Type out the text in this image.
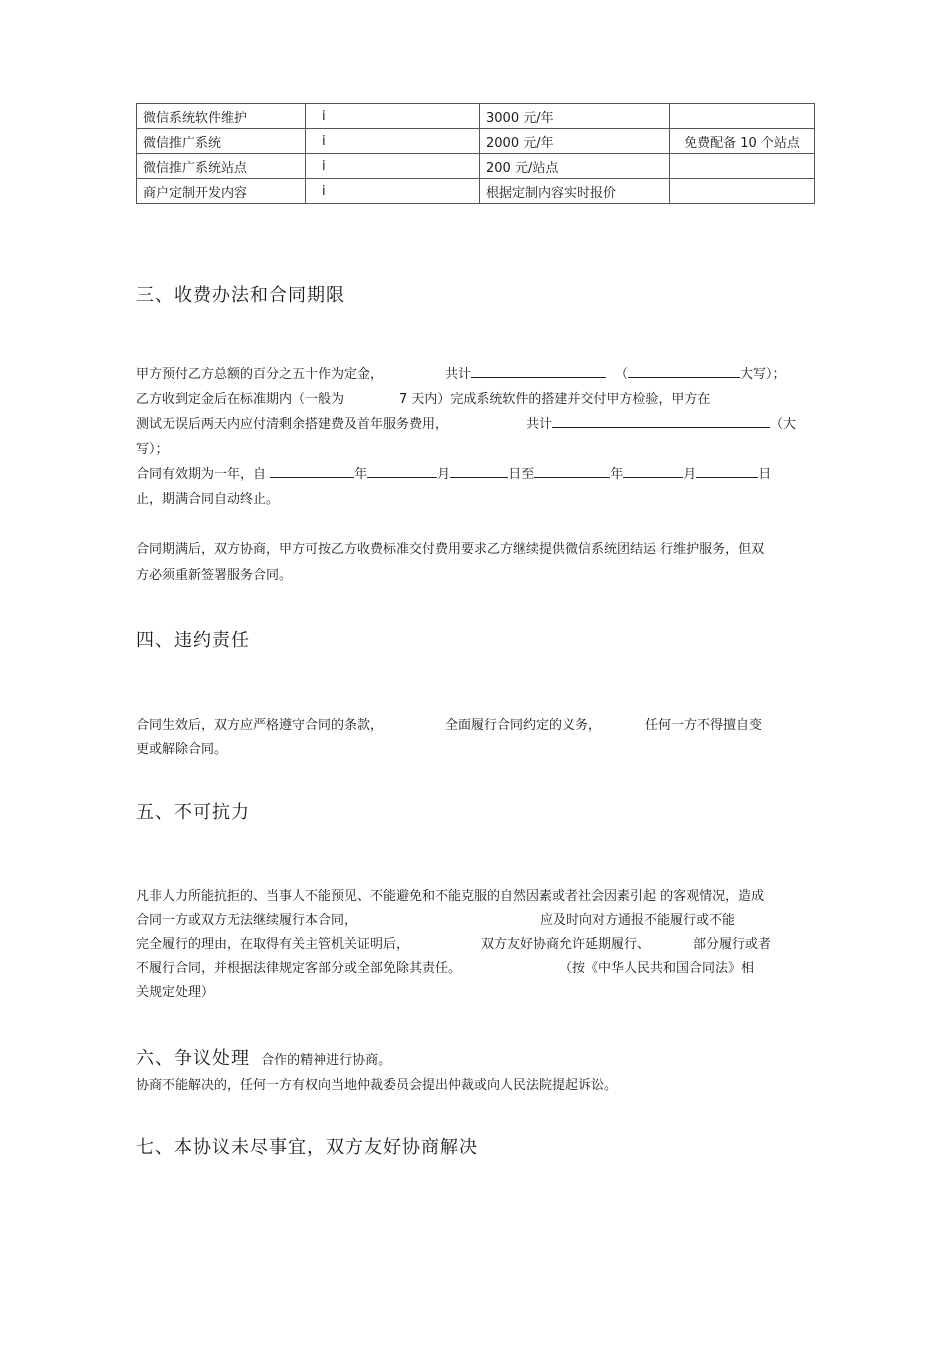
微信系统软件维护	i	3000 元/年	
微信推广系统	i	2000 元/年	免费配备 10 个站点
微信推广系统站点	i	200 元/站点	
商户定制开发内容	i	根据定制内容实时报价	
三、收费办法和合同期限
甲方预付乙方总额的百分之五十作为定金，	共计	（	大写）；
乙方收到定金后在标准期内（一般为	7 天内）完成系统软件的搭建并交付甲方检验，甲方在
测试无误后两天内应付清剩余搭建费及首年服务费用，	共计	（大
写）；
合同有效期为一年，自	年	月	日至	年	月	日
止，期满合同自动终止。
合同期满后，双方协商，甲方可按乙方收费标准交付费用要求乙方继续提供微信系统团结运 行维护服务，但双
方必须重新签署服务合同。
四、违约责任
合同生效后，双方应严格遵守合同的条款，	全面履行合同约定的义务，	任何一方不得擅自变
更或解除合同。
五、不可抗力
凡非人力所能抗拒的、当事人不能预见、不能避免和不能克服的自然因素或者社会因素引起 的客观情况，造成
合同一方或双方无法继续履行本合同，	应及时向对方通报不能履行或不能
完全履行的理由，在取得有关主管机关证明后，	双方友好协商允许延期履行、	部分履行或者
不履行合同，并根据法律规定客部分或全部免除其责任。	（按《中华人民共和国合同法》相
关规定处理）
六、争议处理 合作的精神进行协商。
协商不能解决的，任何一方有权向当地仲裁委员会提出仲裁或向人民法院提起诉讼。
七、本协议未尽事宜，双方友好协商解决
